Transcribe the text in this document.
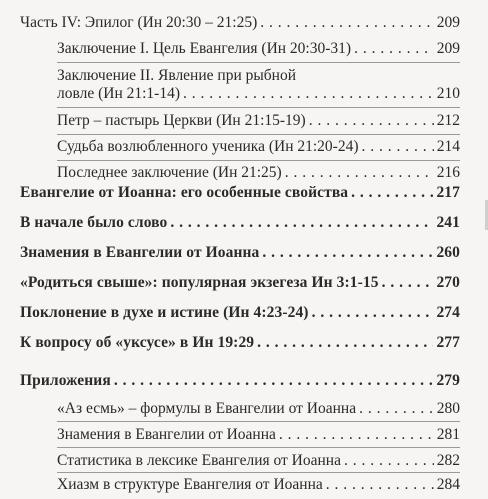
Часть IV: Эпилог (Ин 20:30 – 21:25) . . .	209
Заключение I. Цель Евангелия (Ин 20:30-31) . . .	209
Заключение II. Явление при рыбной
ловле (Ин 21:1-14) . . .	210
Петр – пастырь Церкви (Ин 21:15-19) . . .	212
Судьба возлюбленного ученика (Ин 21:20-24) . . .	214
Последнее заключение (Ин 21:25) . . .	216
Евангелие от Иоанна: его особенные свойства . . .	217
В начале было слово . . .	241
Знамения в Евангелии от Иоанна . . .	260
«Родиться свыше»: популярная экзегеза Ин 3:1-15 . . .	270
Поклонение в духе и истине (Ин 4:23-24) . . .	274
К вопросу об «уксусе» в Ин 19:29 . . .	277
Приложения . . .	279
«Аз есмь» – формулы в Евангелии от Иоанна . . .	280
Знамения в Евангелии от Иоанна . . .	281
Статистика в лексике Евангелия от Иоанна . . .	282
Хиазм в структуре Евангелия от Иоанна . . .	284
